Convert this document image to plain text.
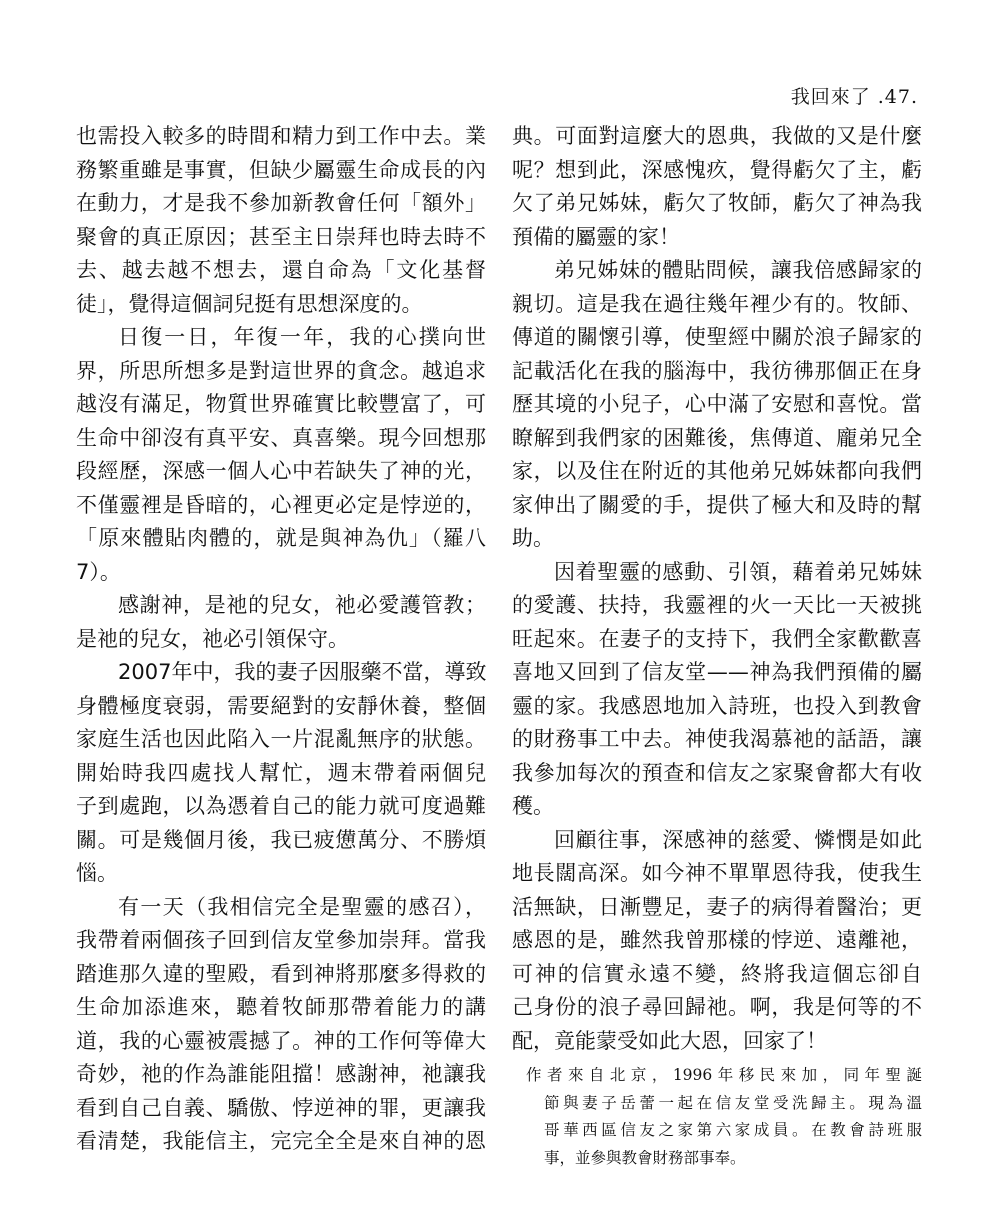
我回來了 .47.
也需投入較多的時間和精力到工作中去。業
務繁重雖是事實，但缺少屬靈生命成長的內
在動力，才是我不參加新教會任何「額外」
聚會的真正原因；甚至主日崇拜也時去時不
去、越去越不想去，還自命為「文化基督
徒」，覺得這個詞兒挺有思想深度的。
日復一日，年復一年，我的心撲向世
界，所思所想多是對這世界的貪念。越追求
越沒有滿足，物質世界確實比較豐富了，可
生命中卻沒有真平安、真喜樂。現今回想那
段經歷，深感一個人心中若缺失了神的光，
不僅靈裡是昏暗的，心裡更必定是悖逆的，
「原來體貼肉體的，就是與神為仇」（羅八
7）。
感謝神，是祂的兒女，祂必愛護管教；
是祂的兒女，祂必引領保守。
2007年中，我的妻子因服藥不當，導致
身體極度衰弱，需要絕對的安靜休養，整個
家庭生活也因此陷入一片混亂無序的狀態。
開始時我四處找人幫忙，週末帶着兩個兒
子到處跑，以為憑着自己的能力就可度過難
關。可是幾個月後，我已疲憊萬分、不勝煩
惱。
有一天（我相信完全是聖靈的感召），
我帶着兩個孩子回到信友堂參加崇拜。當我
踏進那久違的聖殿，看到神將那麼多得救的
生命加添進來，聽着牧師那帶着能力的講
道，我的心靈被震撼了。神的工作何等偉大
奇妙，祂的作為誰能阻擋！感謝神，祂讓我
看到自己自義、驕傲、悖逆神的罪，更讓我
看清楚，我能信主，完完全全是來自神的恩
典。可面對這麼大的恩典，我做的又是什麼
呢？想到此，深感愧疚，覺得虧欠了主，虧
欠了弟兄姊妹，虧欠了牧師，虧欠了神為我
預備的屬靈的家！
弟兄姊妹的體貼問候，讓我倍感歸家的
親切。這是我在過往幾年裡少有的。牧師、
傳道的關懷引導，使聖經中關於浪子歸家的
記載活化在我的腦海中，我彷彿那個正在身
歷其境的小兒子，心中滿了安慰和喜悅。當
瞭解到我們家的困難後，焦傳道、龐弟兄全
家，以及住在附近的其他弟兄姊妹都向我們
家伸出了關愛的手，提供了極大和及時的幫
助。
因着聖靈的感動、引領，藉着弟兄姊妹
的愛護、扶持，我靈裡的火一天比一天被挑
旺起來。在妻子的支持下，我們全家歡歡喜
喜地又回到了信友堂——神為我們預備的屬
靈的家。我感恩地加入詩班，也投入到教會
的財務事工中去。神使我渴慕祂的話語，讓
我參加每次的預查和信友之家聚會都大有收
穫。
回顧往事，深感神的慈愛、憐憫是如此
地長闊高深。如今神不單單恩待我，使我生
活無缺，日漸豐足，妻子的病得着醫治；更
感恩的是，雖然我曾那樣的悖逆、遠離祂，
可神的信實永遠不變，終將我這個忘卻自
己身份的浪子尋回歸祂。啊，我是何等的不
配，竟能蒙受如此大恩，回家了！
作者來自北京，1996年移民來加，同年聖誕
節與妻子岳蕾一起在信友堂受洗歸主。現為溫
哥華西區信友之家第六家成員。在教會詩班服
事，並參與教會財務部事奉。
